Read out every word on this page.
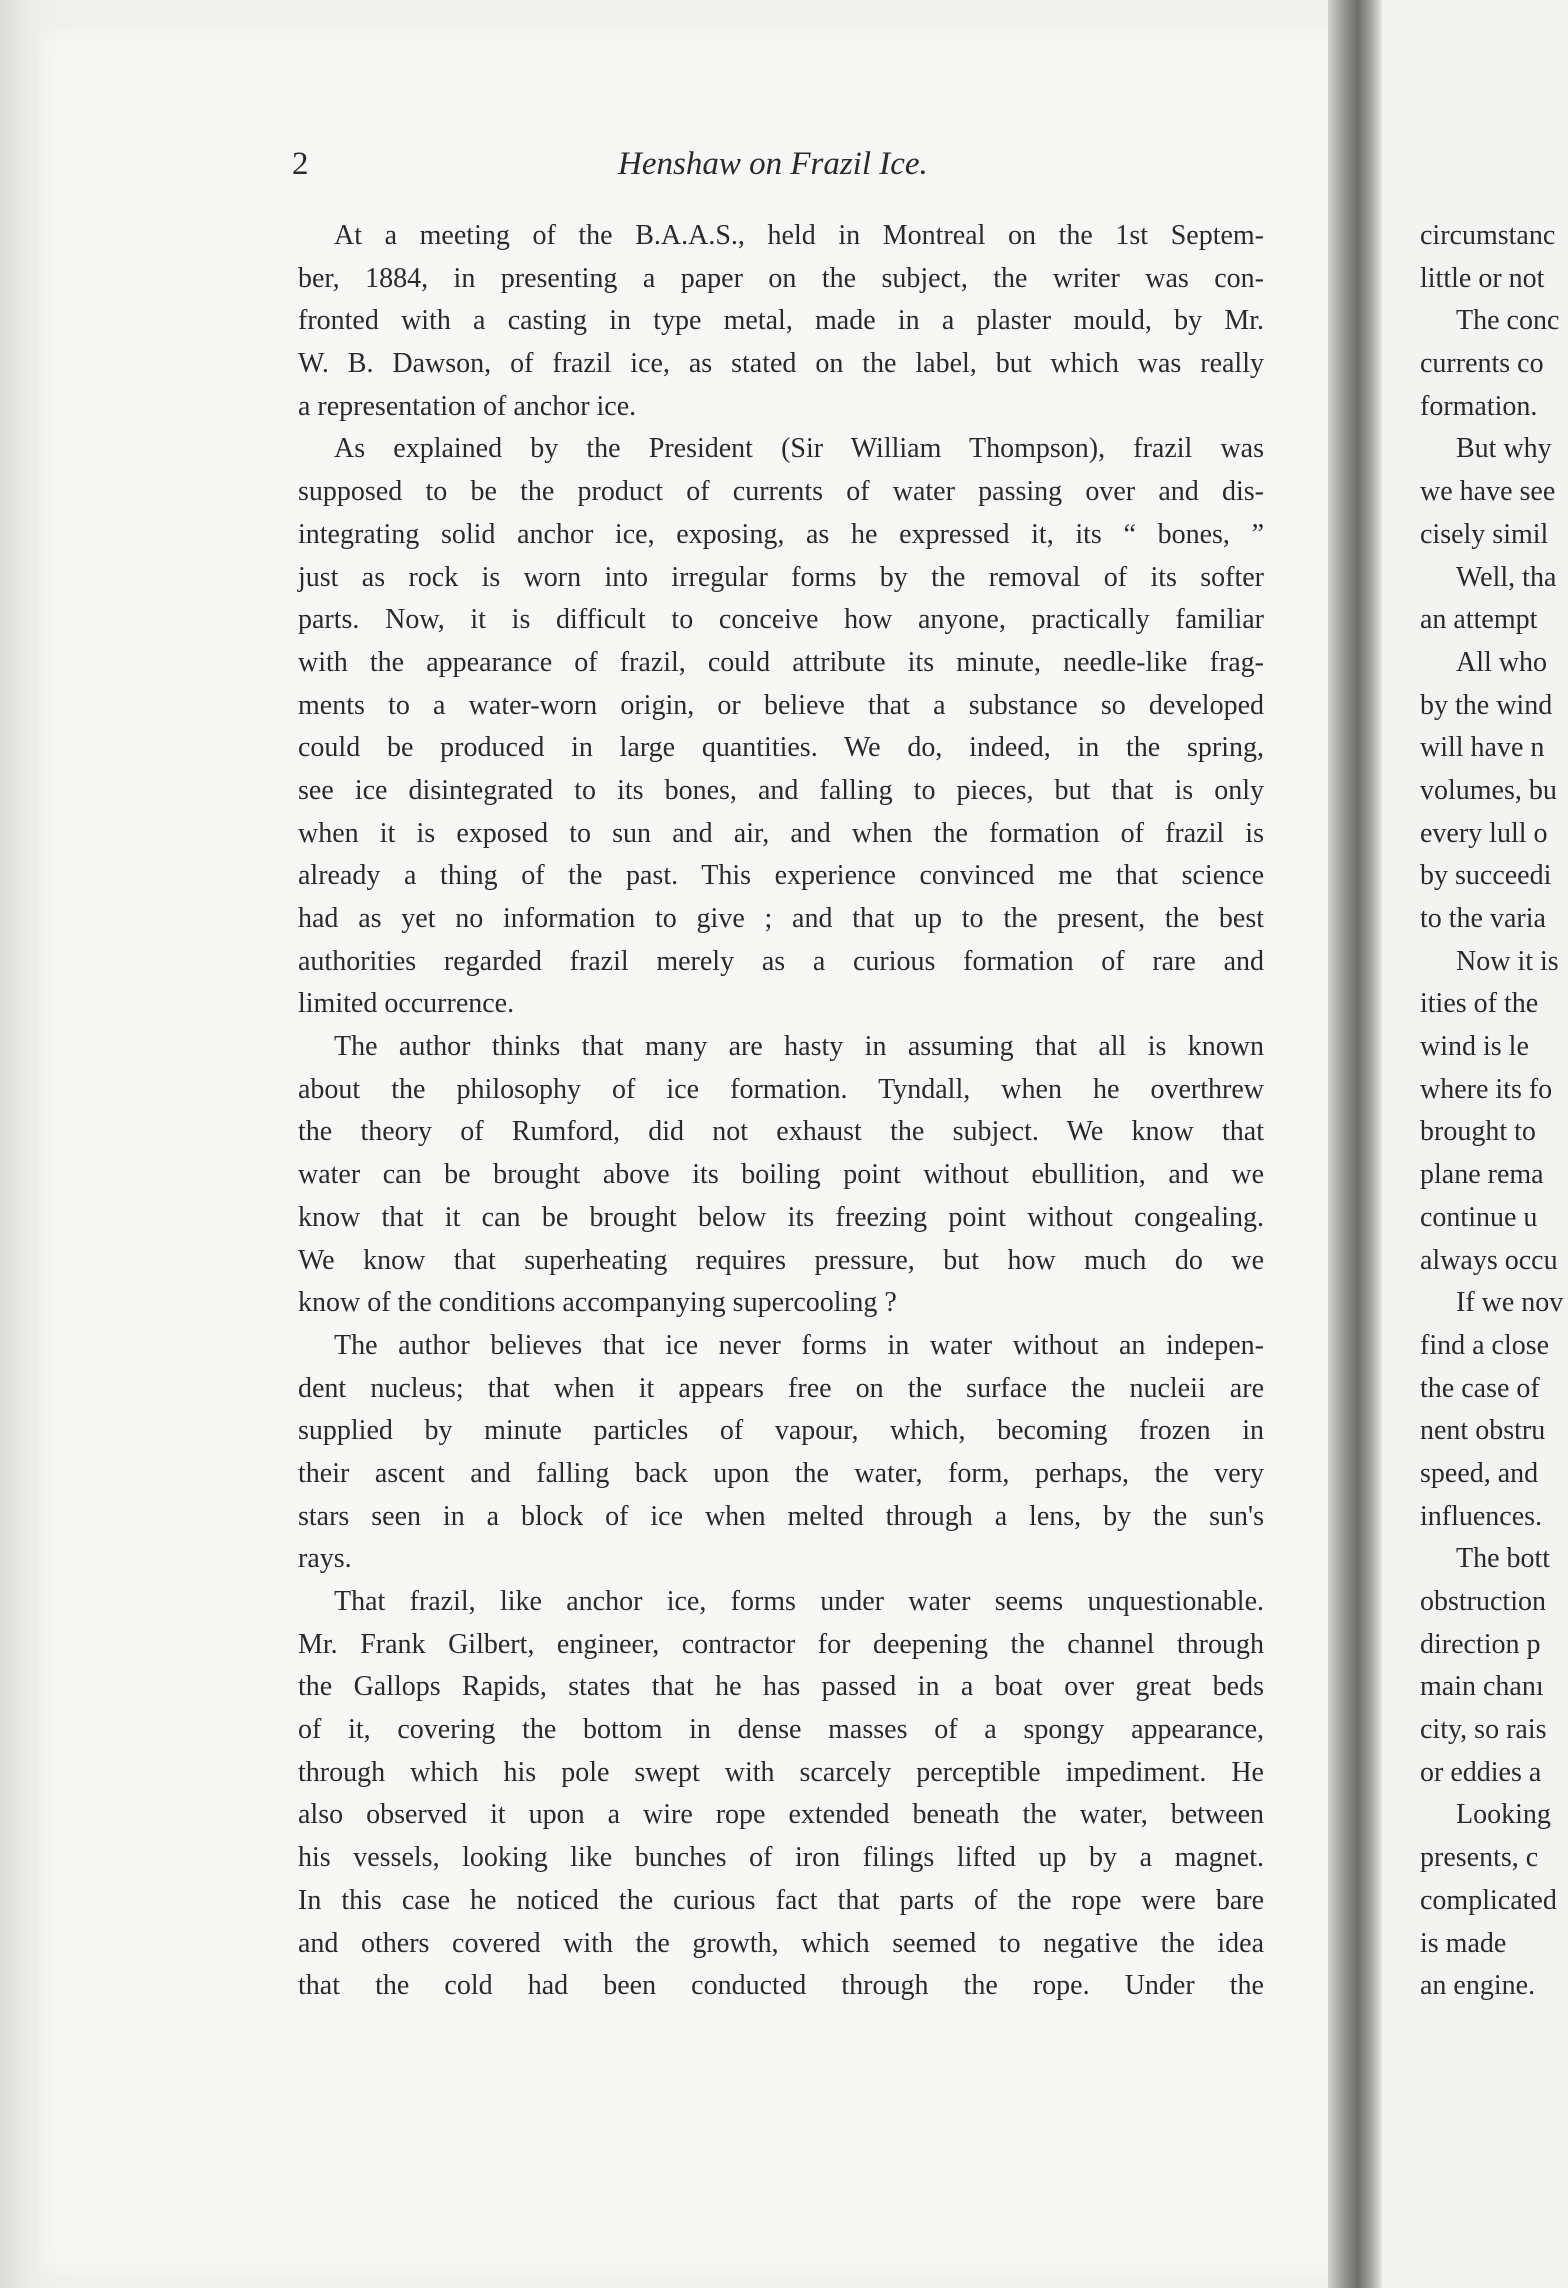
2	Henshaw on Frazil Ice.
At a meeting of the B.A.A.S., held in Montreal on the 1st Septem-
ber, 1884, in presenting a paper on the subject, the writer was con-
fronted with a casting in type metal, made in a plaster mould, by Mr.
W. B. Dawson, of frazil ice, as stated on the label, but which was really
a representation of anchor ice.
As explained by the President (Sir William Thompson), frazil was
supposed to be the product of currents of water passing over and dis-
integrating solid anchor ice, exposing, as he expressed it, its “ bones, ”
just as rock is worn into irregular forms by the removal of its softer
parts. Now, it is difficult to conceive how anyone, practically familiar
with the appearance of frazil, could attribute its minute, needle-like frag-
ments to a water-worn origin, or believe that a substance so developed
could be produced in large quantities. We do, indeed, in the spring,
see ice disintegrated to its bones, and falling to pieces, but that is only
when it is exposed to sun and air, and when the formation of frazil is
already a thing of the past. This experience convinced me that science
had as yet no information to give ; and that up to the present, the best
authorities regarded frazil merely as a curious formation of rare and
limited occurrence.
The author thinks that many are hasty in assuming that all is known
about the philosophy of ice formation. Tyndall, when he overthrew
the theory of Rumford, did not exhaust the subject. We know that
water can be brought above its boiling point without ebullition, and we
know that it can be brought below its freezing point without congealing.
We know that superheating requires pressure, but how much do we
know of the conditions accompanying supercooling ?
The author believes that ice never forms in water without an indepen-
dent nucleus; that when it appears free on the surface the nucleii are
supplied by minute particles of vapour, which, becoming frozen in
their ascent and falling back upon the water, form, perhaps, the very
stars seen in a block of ice when melted through a lens, by the sun's
rays.
That frazil, like anchor ice, forms under water seems unquestionable.
Mr. Frank Gilbert, engineer, contractor for deepening the channel through
the Gallops Rapids, states that he has passed in a boat over great beds
of it, covering the bottom in dense masses of a spongy appearance,
through which his pole swept with scarcely perceptible impediment. He
also observed it upon a wire rope extended beneath the water, between
his vessels, looking like bunches of iron filings lifted up by a magnet.
In this case he noticed the curious fact that parts of the rope were bare
and others covered with the growth, which seemed to negative the idea
that the cold had been conducted through the rope. Under the
circumstanc
little or not
The conc
currents co
formation.
But why
we have see
cisely simil
Well, tha
an attempt
All who
by the wind
will have n
volumes, bu
every lull o
by succeedi
to the varia
Now it is
ities of the
wind is le
where its fo
brought to
plane rema
continue u
always occu
If we nov
find a close
the case of
nent obstru
speed, and
influences.
The bott
obstruction
direction p
main chanı
city, so rais
or eddies a
Looking
presents, c
complicated
is made
an engine.
